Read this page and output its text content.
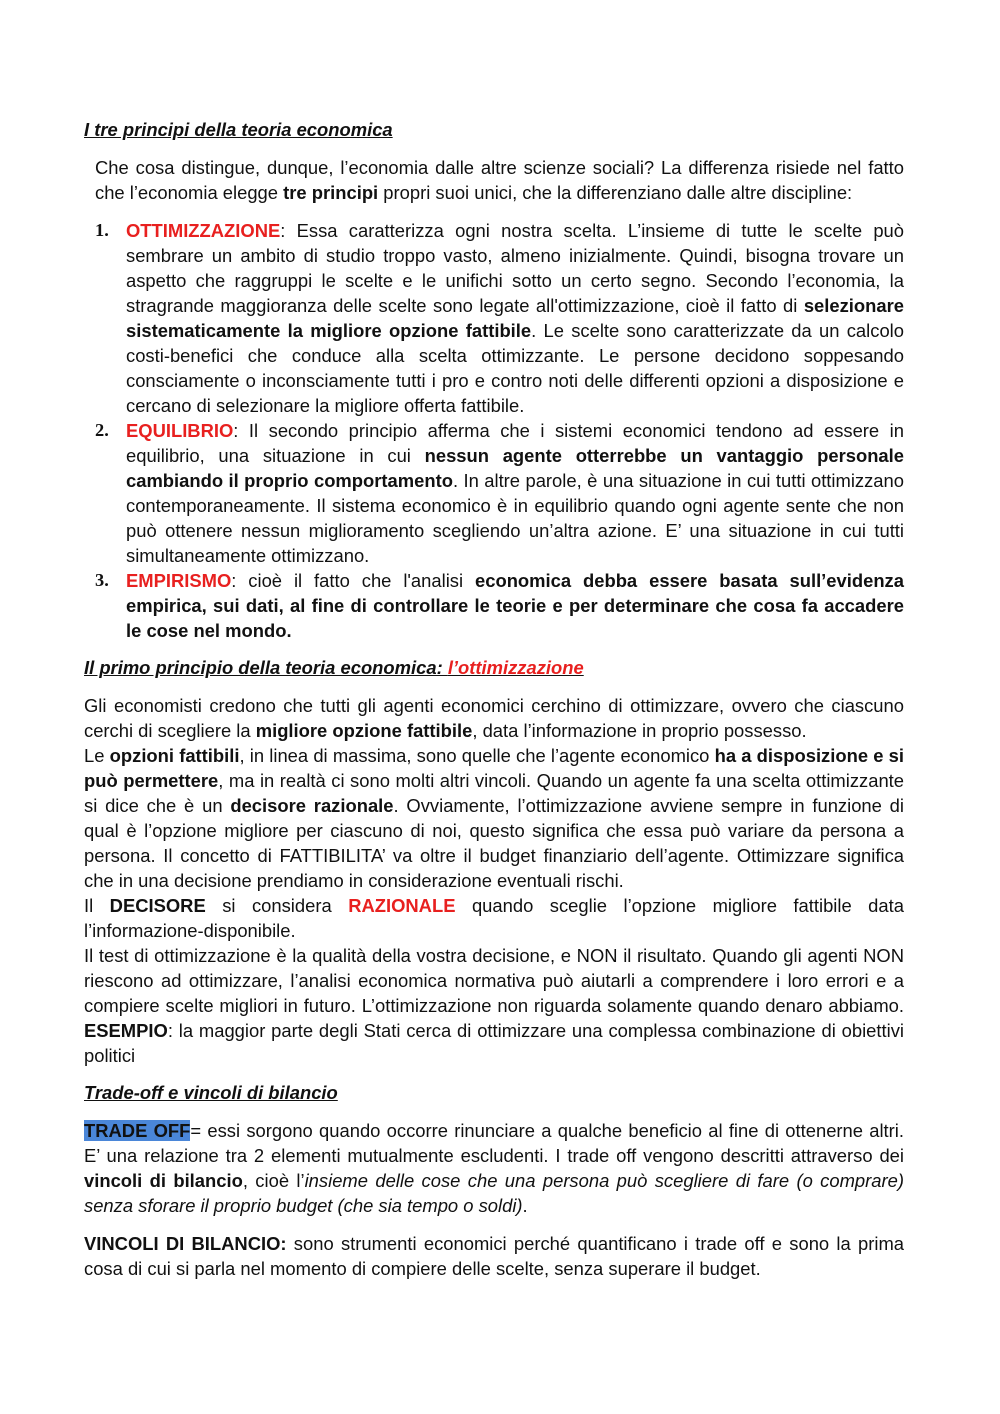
I tre principi della teoria economica

Che cosa distingue, dunque, l’economia dalle altre scienze sociali? La differenza risiede nel fatto che l’economia elegge tre principi propri suoi unici, che la differenziano dalle altre discipline:

1. OTTIMIZZAZIONE: Essa caratterizza ogni nostra scelta. L’insieme di tutte le scelte può sembrare un ambito di studio troppo vasto, almeno inizialmente. Quindi, bisogna trovare un aspetto che raggruppi le scelte e le unifichi sotto un certo segno. Secondo l’economia, la stragrande maggioranza delle scelte sono legate all'ottimizzazione, cioè il fatto di selezionare sistematicamente la migliore opzione fattibile. Le scelte sono caratterizzate da un calcolo costi-benefici che conduce alla scelta ottimizzante. Le persone decidono soppesando consciamente o inconsciamente tutti i pro e contro noti delle differenti opzioni a disposizione e cercano di selezionare la migliore offerta fattibile.
2. EQUILIBRIO: Il secondo principio afferma che i sistemi economici tendono ad essere in equilibrio, una situazione in cui nessun agente otterrebbe un vantaggio personale cambiando il proprio comportamento. In altre parole, è una situazione in cui tutti ottimizzano contemporaneamente. Il sistema economico è in equilibrio quando ogni agente sente che non può ottenere nessun miglioramento scegliendo un’altra azione. E’ una situazione in cui tutti simultaneamente ottimizzano.
3. EMPIRISMO: cioè il fatto che l'analisi economica debba essere basata sull’evidenza empirica, sui dati, al fine di controllare le teorie e per determinare che cosa fa accadere le cose nel mondo.
Il primo principio della teoria economica: l’ottimizzazione

Gli economisti credono che tutti gli agenti economici cerchino di ottimizzare, ovvero che ciascuno cerchi di scegliere la migliore opzione fattibile, data l’informazione in proprio possesso.

Le opzioni fattibili, in linea di massima, sono quelle che l’agente economico ha a disposizione e si può permettere, ma in realtà ci sono molti altri vincoli. Quando un agente fa una scelta ottimizzante si dice che è un decisore razionale. Ovviamente, l’ottimizzazione avviene sempre in funzione di qual è l’opzione migliore per ciascuno di noi, questo significa che essa può variare da persona a persona. Il concetto di FATTIBILITA’ va oltre il budget finanziario dell’agente. Ottimizzare significa che in una decisione prendiamo in considerazione eventuali rischi.

Il DECISORE si considera RAZIONALE quando sceglie l’opzione migliore fattibile data l’informazione-disponibile.

Il test di ottimizzazione è la qualità della vostra decisione, e NON il risultato. Quando gli agenti NON riescono ad ottimizzare, l’analisi economica normativa può aiutarli a comprendere i loro errori e a compiere scelte migliori in futuro. L’ottimizzazione non riguarda solamente quando denaro abbiamo. ESEMPIO: la maggior parte degli Stati cerca di ottimizzare una complessa combinazione di obiettivi politici

Trade-off e vincoli di bilancio

TRADE OFF= essi sorgono quando occorre rinunciare a qualche beneficio al fine di ottenerne altri. E’ una relazione tra 2 elementi mutualmente escludenti. I trade off vengono descritti attraverso dei vincoli di bilancio, cioè l’insieme delle cose che una persona può scegliere di fare (o comprare) senza sforare il proprio budget (che sia tempo o soldi).

VINCOLI DI BILANCIO: sono strumenti economici perché quantificano i trade off e sono la prima cosa di cui si parla nel momento di compiere delle scelte, senza superare il budget.
